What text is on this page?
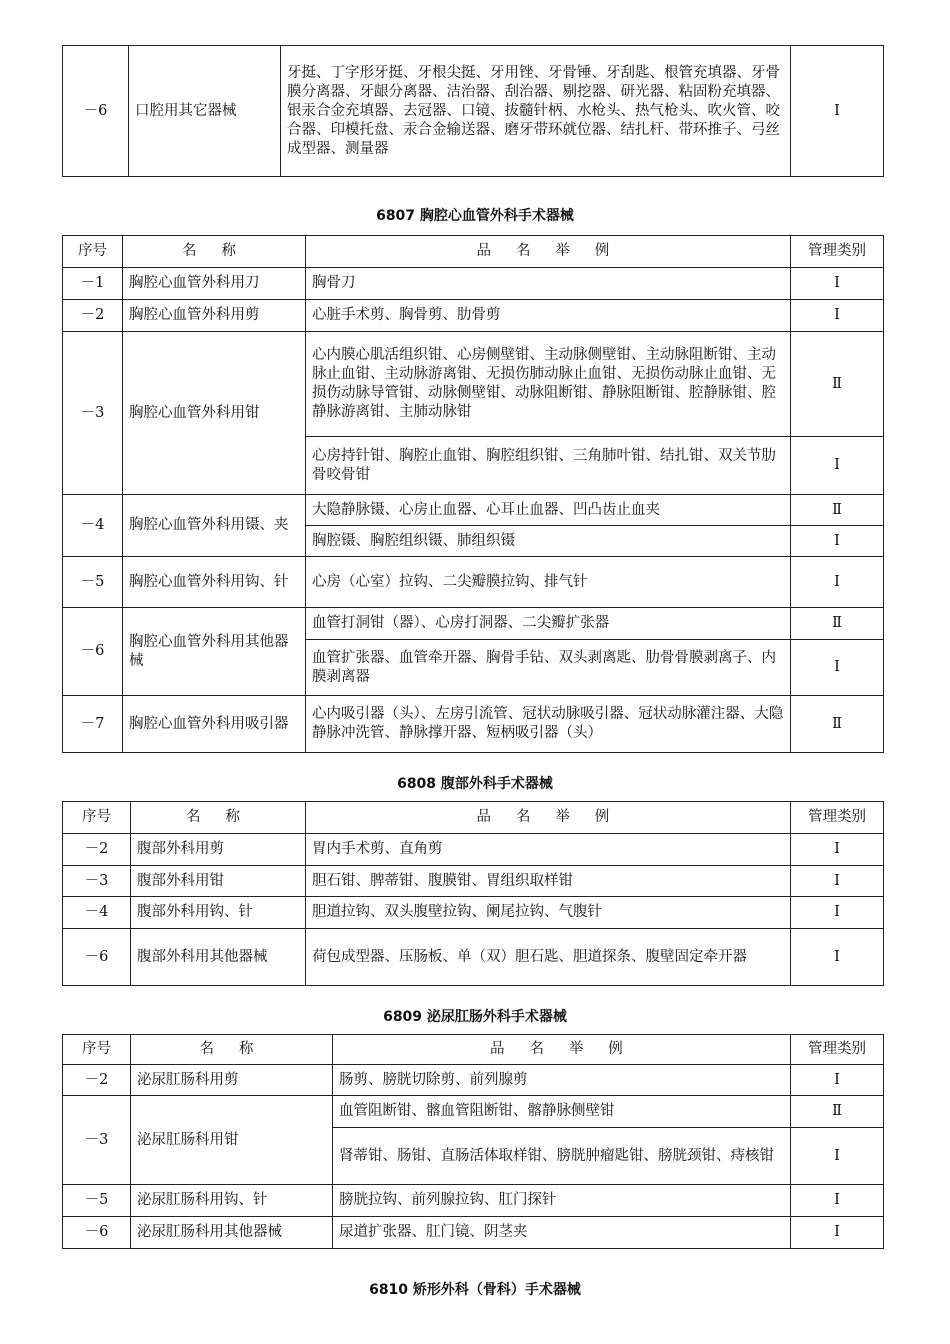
－6	口腔用其它器械	牙挺、丁字形牙挺、牙根尖挺、牙用锉、牙骨锤、牙刮匙、根管充填器、牙骨膜分离器、牙龈分离器、洁治器、刮治器、剔挖器、研光器、粘固粉充填器、银汞合金充填器、去冠器、口镜、拔髓针柄、水枪头、热气枪头、吹火管、咬合器、印模托盘、汞合金输送器、磨牙带环就位器、结扎杆、带环推子、弓丝成型器、测量器	Ⅰ
6807 胸腔心血管外科手术器械
序号	名 称	品 名 举 例	管理类别
－1	胸腔心血管外科用刀	胸骨刀	Ⅰ
－2	胸腔心血管外科用剪	心脏手术剪、胸骨剪、肋骨剪	Ⅰ
－3	胸腔心血管外科用钳	心内膜心肌活组织钳、心房侧壁钳、主动脉侧壁钳、主动脉阻断钳、主动脉止血钳、主动脉游离钳、无损伤肺动脉止血钳、无损伤动脉止血钳、无损伤动脉导管钳、动脉侧壁钳、动脉阻断钳、静脉阻断钳、腔静脉钳、腔静脉游离钳、主肺动脉钳	Ⅱ
		心房持针钳、胸腔止血钳、胸腔组织钳、三角肺叶钳、结扎钳、双关节肋骨咬骨钳	Ⅰ
－4	胸腔心血管外科用镊、夹	大隐静脉镊、心房止血器、心耳止血器、凹凸齿止血夹	Ⅱ
		胸腔镊、胸腔组织镊、肺组织镊	Ⅰ
－5	胸腔心血管外科用钩、针	心房（心室）拉钩、二尖瓣膜拉钩、排气针	Ⅰ
－6	胸腔心血管外科用其他器械	血管打洞钳（器）、心房打洞器、二尖瓣扩张器	Ⅱ
		血管扩张器、血管牵开器、胸骨手钻、双头剥离匙、肋骨骨膜剥离子、内膜剥离器	Ⅰ
－7	胸腔心血管外科用吸引器	心内吸引器（头）、左房引流管、冠状动脉吸引器、冠状动脉灌注器、大隐静脉冲洗管、静脉撑开器、短柄吸引器（头）	Ⅱ
6808 腹部外科手术器械
序号	名 称	品 名 举 例	管理类别
－2	腹部外科用剪	胃内手术剪、直角剪	Ⅰ
－3	腹部外科用钳	胆石钳、脾蒂钳、腹膜钳、胃组织取样钳	Ⅰ
－4	腹部外科用钩、针	胆道拉钩、双头腹壁拉钩、阑尾拉钩、气腹针	Ⅰ
－6	腹部外科用其他器械	荷包成型器、压肠板、单（双）胆石匙、胆道探条、腹壁固定牵开器	Ⅰ
6809 泌尿肛肠外科手术器械
序号	名 称	品 名 举 例	管理类别
－2	泌尿肛肠科用剪	肠剪、膀胱切除剪、前列腺剪	Ⅰ
－3	泌尿肛肠科用钳	血管阻断钳、髂血管阻断钳、髂静脉侧壁钳	Ⅱ
		肾蒂钳、肠钳、直肠活体取样钳、膀胱肿瘤匙钳、膀胱颈钳、痔核钳	Ⅰ
－5	泌尿肛肠科用钩、针	膀胱拉钩、前列腺拉钩、肛门探针	Ⅰ
－6	泌尿肛肠科用其他器械	尿道扩张器、肛门镜、阴茎夹	Ⅰ
6810 矫形外科（骨科）手术器械
